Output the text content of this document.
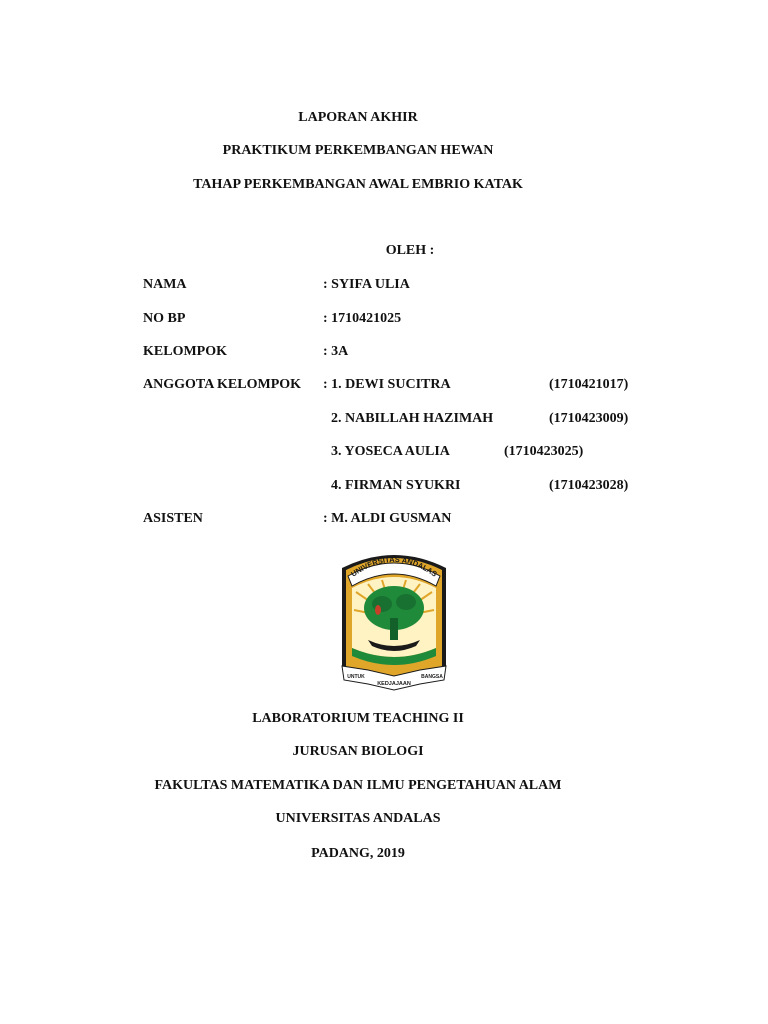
LAPORAN AKHIR
PRAKTIKUM PERKEMBANGAN HEWAN
TAHAP PERKEMBANGAN AWAL EMBRIO KATAK
OLEH :
NAMA	: SYIFA ULIA
NO BP	: 1710421025
KELOMPOK	: 3A
ANGGOTA KELOMPOK : 1. DEWI SUCITRA	(1710421017)
2. NABILLAH HAZIMAH	(1710423009)
3. YOSECA AULIA	(1710423025)
4. FIRMAN SYUKRI	(1710423028)
ASISTEN	: M. ALDI GUSMAN
UNIVERSITAS ANDALAS
UNTUK
KEDJAJAAN
BANGSA
LABORATORIUM TEACHING II
JURUSAN BIOLOGI
FAKULTAS MATEMATIKA DAN ILMU PENGETAHUAN ALAM
UNIVERSITAS ANDALAS
PADANG, 2019
